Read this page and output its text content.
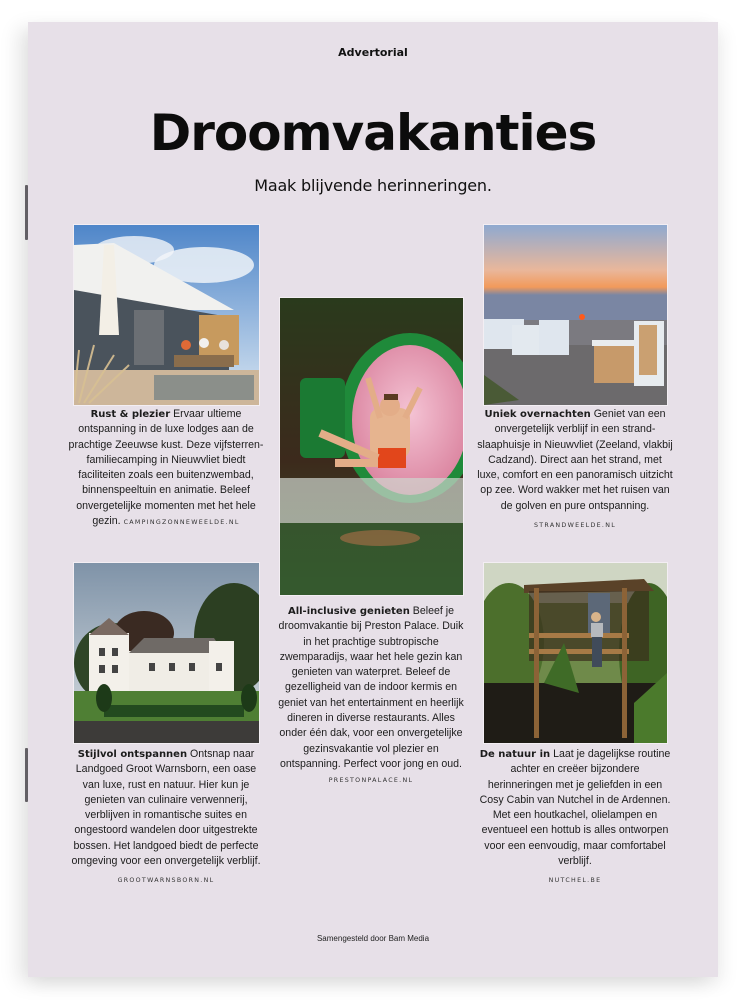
Advertorial
Droomvakanties
Maak blijvende herinneringen.
Rust & plezier Ervaar ultieme ontspanning in de luxe lodges aan de prachtige Zeeuwse kust. Deze vijfsterren-familiecamping in Nieuwvliet biedt faciliteiten zoals een buitenzwembad, binnenspeeltuin en animatie. Beleef onvergetelijke momenten met het hele gezin. CAMPINGZONNEWEELDE.NL
All-inclusive genieten Beleef je droomvakantie bij Preston Palace. Duik in het prachtige subtropische zwemparadijs, waar het hele gezin kan genieten van waterpret. Beleef de gezelligheid van de indoor kermis en geniet van het entertainment en heerlijk dineren in diverse restaurants. Alles onder één dak, voor een onvergetelijke gezinsvakantie vol plezier en ontspanning. Perfect voor jong en oud. PRESTONPALACE.NL
Uniek overnachten Geniet van een onvergetelijk verblijf in een strand-slaaphuisje in Nieuwvliet (Zeeland, vlakbij Cadzand). Direct aan het strand, met luxe, comfort en een panoramisch uitzicht op zee. Word wakker met het ruisen van de golven en pure ontspanning.
STRANDWEELDE.NL
Stijlvol ontspannen Ontsnap naar Landgoed Groot Warnsborn, een oase van luxe, rust en natuur. Hier kun je genieten van culinaire verwennerij, verblijven in romantische suites en ongestoord wandelen door uitgestrekte bossen. Het landgoed biedt de perfecte omgeving voor een onvergetelijk verblijf.
GROOTWARNSBORN.NL
De natuur in Laat je dagelijkse routine achter en creëer bijzondere herinneringen met je geliefden in een Cosy Cabin van Nutchel in de Ardennen. Met een houtkachel, olielampen en eventueel een hottub is alles ontworpen voor een eenvoudig, maar comfortabel verblijf.
NUTCHEL.BE
Samengesteld door Bam Media
